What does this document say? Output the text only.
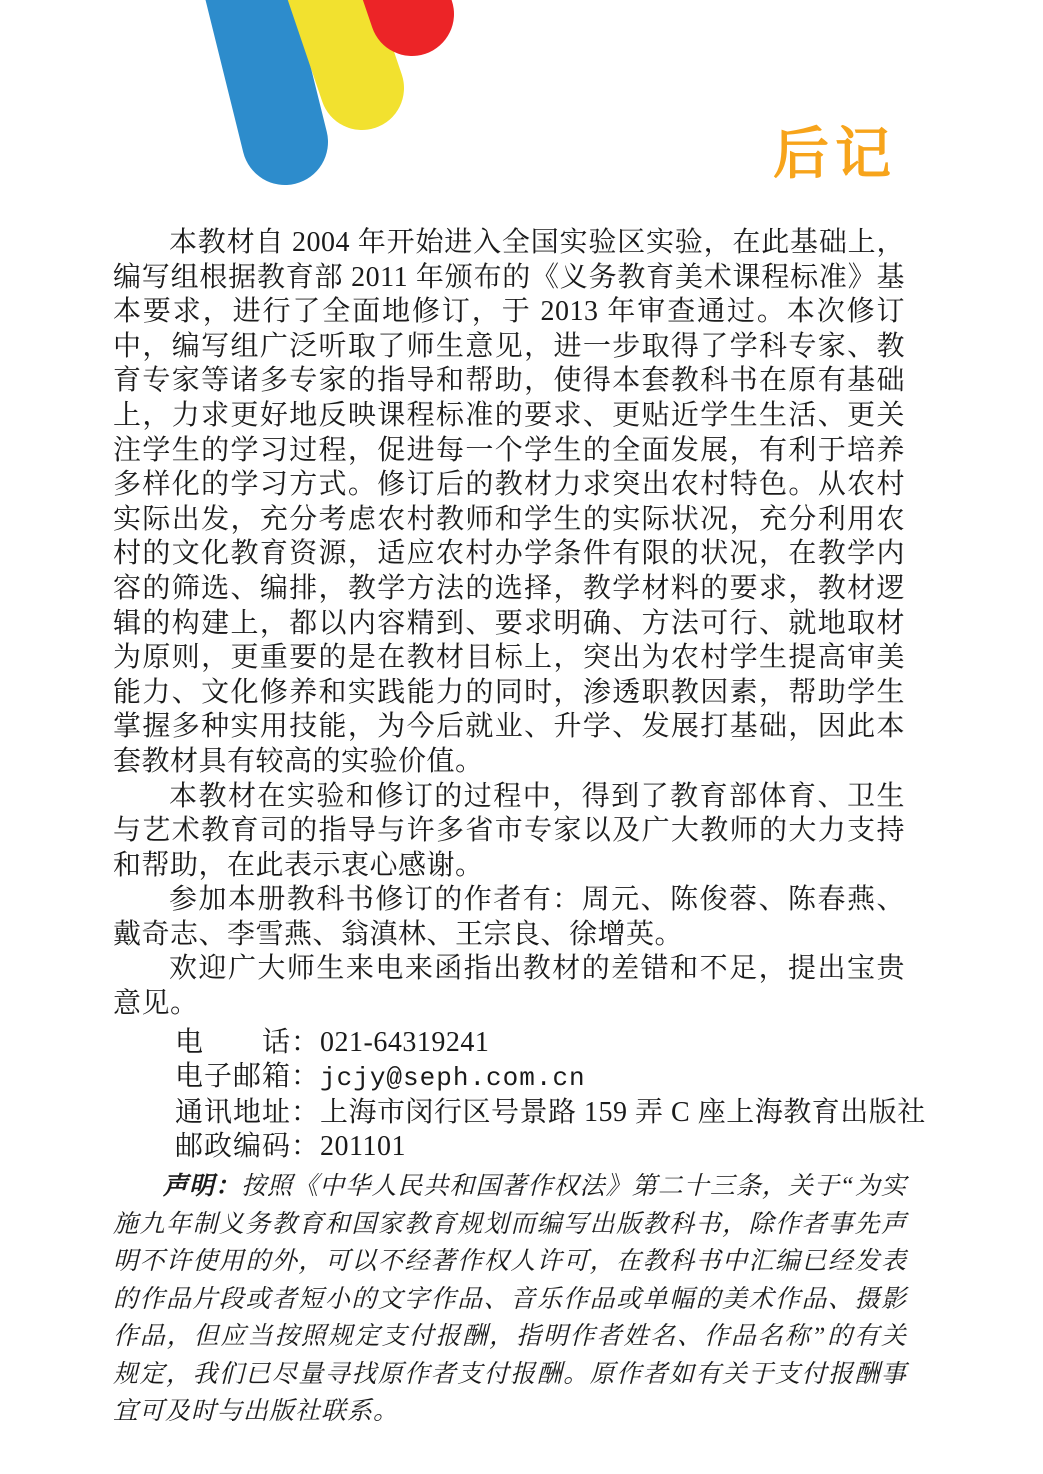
后记

本教材自 2004 年开始进入全国实验区实验，在此基础上，编写组根据教育部 2011 年颁布的《义务教育美术课程标准》基本要求，进行了全面地修订，于 2013 年审查通过。本次修订中，编写组广泛听取了师生意见，进一步取得了学科专家、教育专家等诸多专家的指导和帮助，使得本套教科书在原有基础上，力求更好地反映课程标准的要求、更贴近学生生活、更关注学生的学习过程，促进每一个学生的全面发展，有利于培养多样化的学习方式。修订后的教材力求突出农村特色。从农村实际出发，充分考虑农村教师和学生的实际状况，充分利用农村的文化教育资源，适应农村办学条件有限的状况，在教学内容的筛选、编排，教学方法的选择，教学材料的要求，教材逻辑的构建上，都以内容精到、要求明确、方法可行、就地取材为原则，更重要的是在教材目标上，突出为农村学生提高审美能力、文化修养和实践能力的同时，渗透职教因素，帮助学生掌握多种实用技能，为今后就业、升学、发展打基础，因此本套教材具有较高的实验价值。

本教材在实验和修订的过程中，得到了教育部体育、卫生与艺术教育司的指导与许多省市专家以及广大教师的大力支持和帮助，在此表示衷心感谢。

参加本册教科书修订的作者有：周元、陈俊蓉、陈春燕、戴奇志、李雪燕、翁滇林、王宗良、徐增英。

欢迎广大师生来电来函指出教材的差错和不足，提出宝贵意见。

电　　话：021-64319241
电子邮箱：jcjy@seph.com.cn
通讯地址：上海市闵行区号景路 159 弄 C 座上海教育出版社
邮政编码：201101
声明：按照《中华人民共和国著作权法》第二十三条，关于“为实施九年制义务教育和国家教育规划而编写出版教科书，除作者事先声明不许使用的外，可以不经著作权人许可，在教科书中汇编已经发表的作品片段或者短小的文字作品、音乐作品或单幅的美术作品、摄影作品，但应当按照规定支付报酬，指明作者姓名、作品名称”的有关规定，我们已尽量寻找原作者支付报酬。原作者如有关于支付报酬事宜可及时与出版社联系。
